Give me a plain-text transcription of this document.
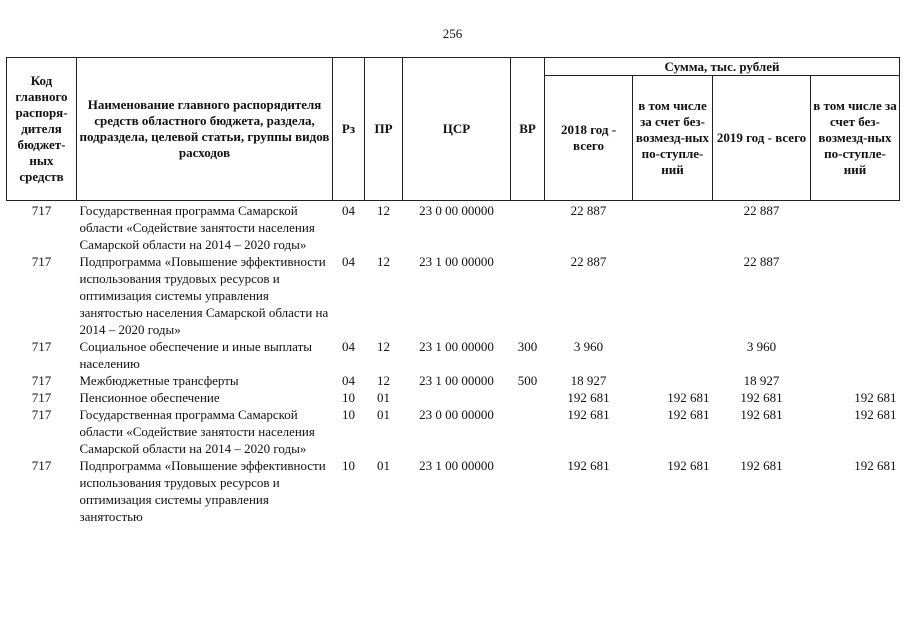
256
Код главного распоря-дителя бюджет-ных средств	Наименование главного распорядителя средств областного бюджета, раздела, подраздела, целевой статьи, группы видов расходов	Рз	ПР	ЦСР	ВР	Сумма, тыс. рублей			
						2018 год - всего	в том числе за счет без-возмезд-ных по-ступле-ний	2019 год - всего	в том числе за счет без-возмезд-ных по-ступле-ний
717	Государственная программа Самарской области «Содействие занятости населения Самарской области на 2014 – 2020 годы»	04	12	23 0 00 00000		22 887		22 887	
717	Подпрограмма «Повышение эффективности использования трудовых ресурсов и оптимизация системы управления занятостью населения Самарской области на 2014 – 2020 годы»	04	12	23 1 00 00000		22 887		22 887	
717	Социальное обеспечение и иные выплаты населению	04	12	23 1 00 00000	300	3 960		3 960	
717	Межбюджетные трансферты	04	12	23 1 00 00000	500	18 927		18 927	
717	Пенсионное обеспечение	10	01			192 681	192 681	192 681	192 681
717	Государственная программа Самарской области «Содействие занятости населения Самарской области на 2014 – 2020 годы»	10	01	23 0 00 00000		192 681	192 681	192 681	192 681
717	Подпрограмма «Повышение эффективности использования трудовых ресурсов и оптимизация системы управления занятостью	10	01	23 1 00 00000		192 681	192 681	192 681	192 681
